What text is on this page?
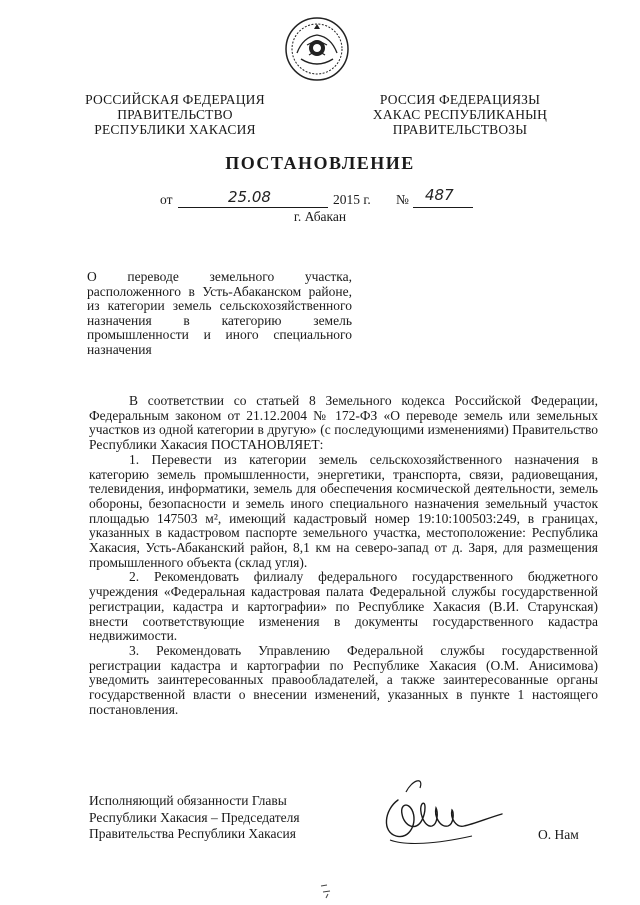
РОССИЙСКАЯ ФЕДЕРАЦИЯ
ПРАВИТЕЛЬСТВО
РЕСПУБЛИКИ ХАКАСИЯ
РОССИЯ ФЕДЕРАЦИЯЗЫ
ХАКАС РЕСПУБЛИКАНЫҢ
ПРАВИТЕЛЬСТВОЗЫ
ПОСТАНОВЛЕНИЕ
от	25.08	2015 г. № 487
г. Абакан
О переводе земельного участка, расположенного в Усть-Абаканском районе, из категории земель сельскохозяйственного назначения в категорию земель промышленности и иного специального назначения

В соответствии со статьей 8 Земельного кодекса Российской Федерации, Федеральным законом от 21.12.2004 № 172-ФЗ «О переводе земель или земельных участков из одной категории в другую» (с последующими изменениями) Правительство Республики Хакасия ПОСТАНОВЛЯЕТ:

1. Перевести из категории земель сельскохозяйственного назначения в категорию земель промышленности, энергетики, транспорта, связи, радиовещания, телевидения, информатики, земель для обеспечения космической деятельности, земель обороны, безопасности и земель иного специального назначения земельный участок площадью 147503 м², имеющий кадастровый номер 19:10:100503:249, в границах, указанных в кадастровом паспорте земельного участка, местоположение: Республика Хакасия, Усть-Абаканский район, 8,1 км на северо-запад от д. Заря, для размещения промышленного объекта (склад угля).

2. Рекомендовать филиалу федерального государственного бюджетного учреждения «Федеральная кадастровая палата Федеральной службы государственной регистрации, кадастра и картографии» по Республике Хакасия (В.И. Старунская) внести соответствующие изменения в документы государственного кадастра недвижимости.

3. Рекомендовать Управлению Федеральной службы государственной регистрации кадастра и картографии по Республике Хакасия (О.М. Анисимова) уведомить заинтересованных правообладателей, а также заинтересованные органы государственной власти о внесении изменений, указанных в пункте 1 настоящего постановления.

Исполняющий обязанности Главы
Республики Хакасия – Председателя
Правительства Республики Хакасия	О. Нам
